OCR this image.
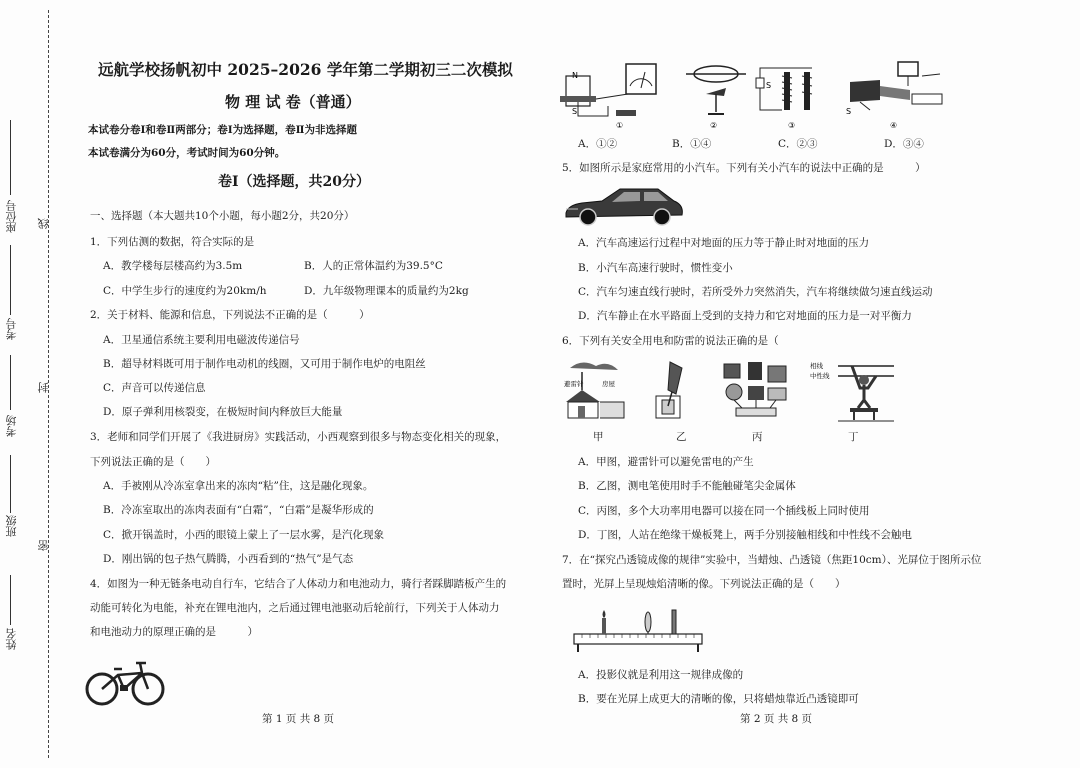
座位号
考号
考场
班级
姓名
线
封
密
远航学校扬帆初中 2025–2026 学年第二学期初三二次模拟
物 理 试 卷（普通）
本试卷分卷Ⅰ和卷Ⅱ两部分；卷Ⅰ为选择题，卷Ⅱ为非选择题
本试卷满分为60分，考试时间为60分钟。
卷Ⅰ（选择题，共20分）
一、选择题（本大题共10个小题，每小题2分，共20分）
1．下列估测的数据，符合实际的是
A．教学楼每层楼高约为3.5m	B．人的正常体温约为39.5°C
C．中学生步行的速度约为20km/h	D．九年级物理课本的质量约为2kg
2．关于材料、能源和信息，下列说法不正确的是（　　　）
A．卫星通信系统主要利用电磁波传递信号
B．超导材料既可用于制作电动机的线圈，又可用于制作电炉的电阻丝
C．声音可以传递信息
D．原子弹利用核裂变，在极短时间内释放巨大能量
3．老师和同学们开展了《我进厨房》实践活动，小西观察到很多与物态变化相关的现象，
下列说法正确的是（　　）
A．手被刚从冷冻室拿出来的冻肉“粘”住，这是融化现象。
B．冷冻室取出的冻肉表面有“白霜”，“白霜”是凝华形成的
C．掀开锅盖时，小西的眼镜上蒙上了一层水雾，是汽化现象
D．刚出锅的包子热气腾腾，小西看到的“热气”是气态
4．如图为一种无链条电动自行车，它结合了人体动力和电池动力，骑行者踩脚踏板产生的
动能可转化为电能，补充在锂电池内，之后通过锂电池驱动后轮前行，下列关于人体动力
和电池动力的原理正确的是　　　）
第 1 页 共 8 页
N
S
①	②
S
③
S
④
A．①②	B．①④	C．②③	D．③④
5．如图所示是家庭常用的小汽车。下列有关小汽车的说法中正确的是　　　）
A．汽车高速运行过程中对地面的压力等于静止时对地面的压力
B．小汽车高速行驶时，惯性变小
C．汽车匀速直线行驶时，若所受外力突然消失，汽车将继续做匀速直线运动
D．汽车静止在水平路面上受到的支持力和它对地面的压力是一对平衡力
6．下列有关安全用电和防雷的说法正确的是（
避雷针	房屋
相线
中性线
甲	乙	丙	丁
A．甲图，避雷针可以避免雷电的产生
B．乙图，测电笔使用时手不能触碰笔尖金属体
C．丙图，多个大功率用电器可以接在同一个插线板上同时使用
D．丁图，人站在绝缘干燥板凳上，两手分别接触相线和中性线不会触电
7．在“探究凸透镜成像的规律”实验中，当蜡烛、凸透镜（焦距10cm）、光屏位于图所示位
置时，光屏上呈现烛焰清晰的像。下列说法正确的是（　　）
A．投影仪就是利用这一规律成像的
B．要在光屏上成更大的清晰的像，只将蜡烛靠近凸透镜即可
第 2 页 共 8 页
